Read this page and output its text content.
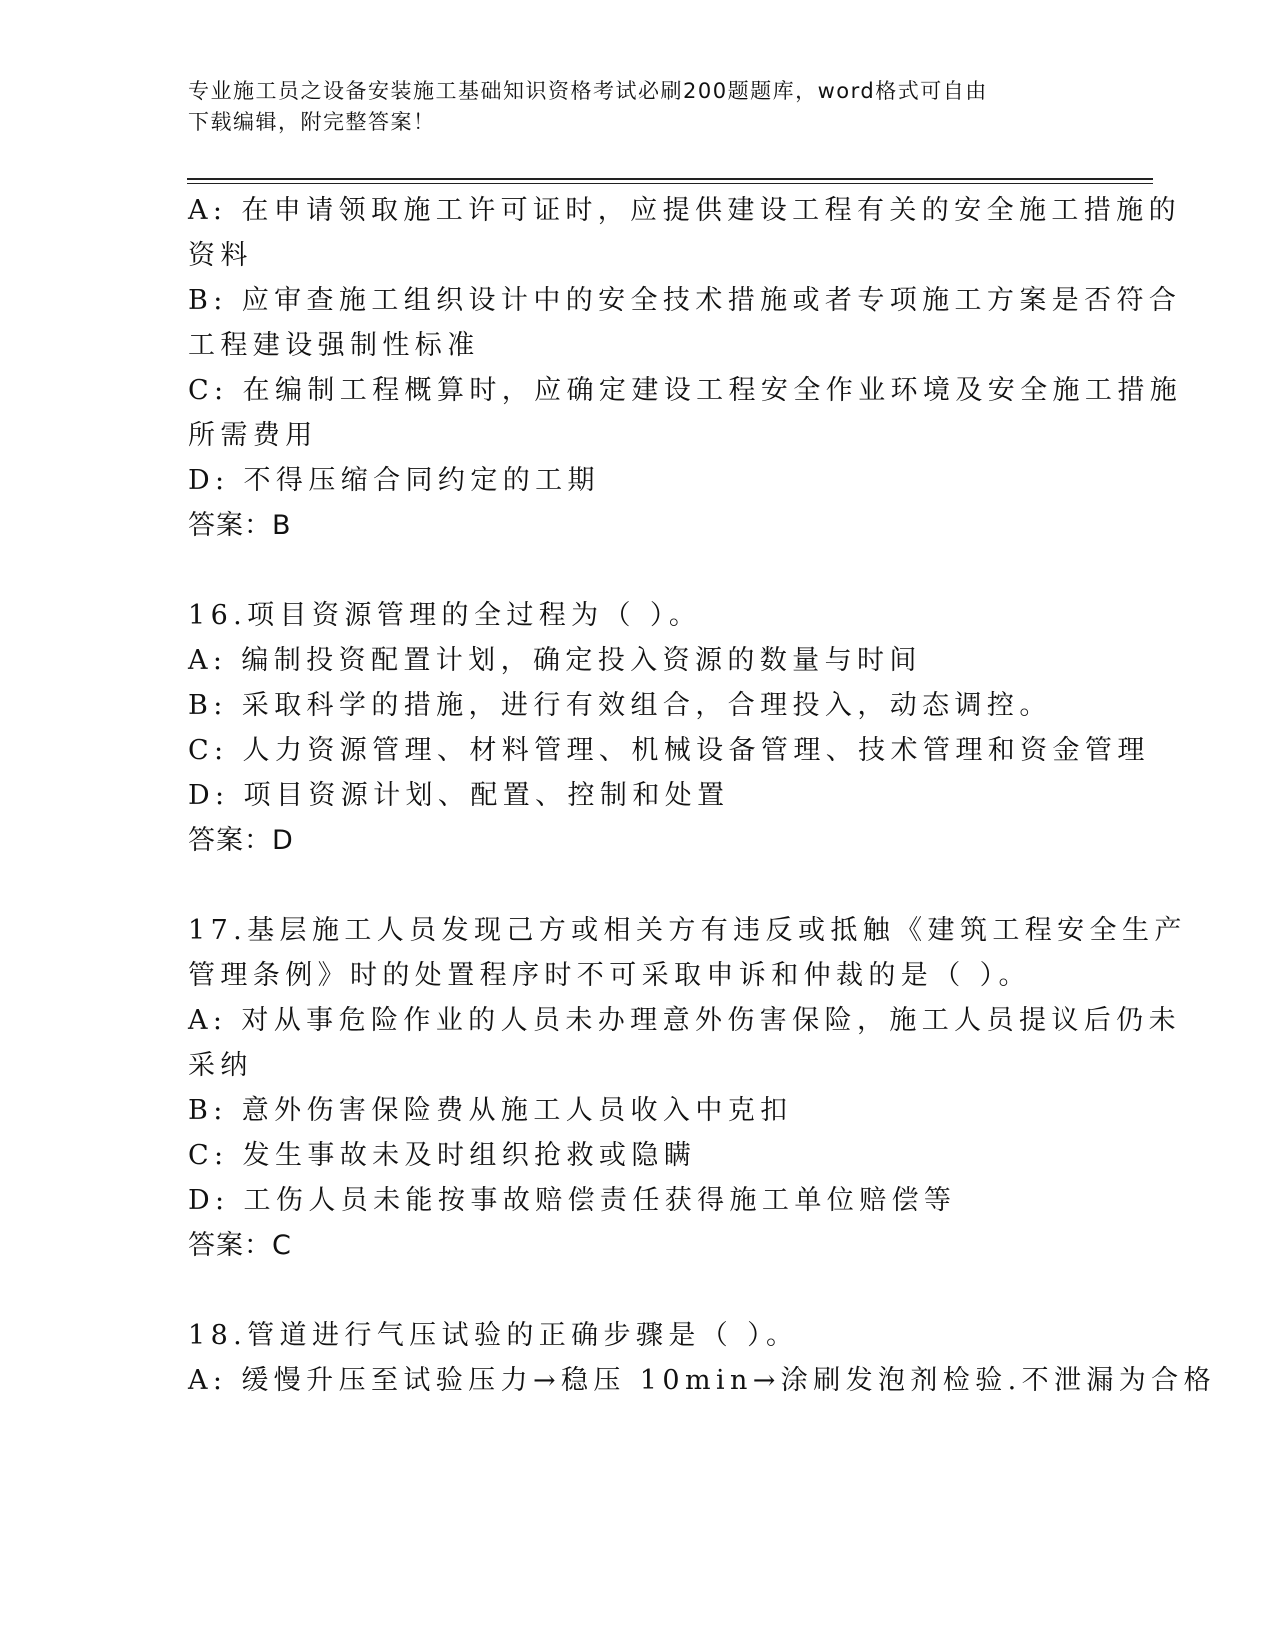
专业施工员之设备安装施工基础知识资格考试必刷200题题库，word格式可自由
下载编辑，附完整答案！
A: 在申请领取施工许可证时，应提供建设工程有关的安全施工措施的
资料
B: 应审查施工组织设计中的安全技术措施或者专项施工方案是否符合
工程建设强制性标准
C: 在编制工程概算时，应确定建设工程安全作业环境及安全施工措施
所需费用
D: 不得压缩合同约定的工期
答案：B
16.项目资源管理的全过程为（ ）。
A: 编制投资配置计划，确定投入资源的数量与时间
B: 采取科学的措施，进行有效组合，合理投入，动态调控。
C: 人力资源管理、材料管理、机械设备管理、技术管理和资金管理
D: 项目资源计划、配置、控制和处置
答案：D
17.基层施工人员发现己方或相关方有违反或抵触《建筑工程安全生产
管理条例》时的处置程序时不可采取申诉和仲裁的是（ ）。
A: 对从事危险作业的人员未办理意外伤害保险，施工人员提议后仍未
采纳
B: 意外伤害保险费从施工人员收入中克扣
C: 发生事故未及时组织抢救或隐瞒
D: 工伤人员未能按事故赔偿责任获得施工单位赔偿等
答案：C
18.管道进行气压试验的正确步骤是（ ）。
A: 缓慢升压至试验压力→稳压 10min→涂刷发泡剂检验.不泄漏为合格
